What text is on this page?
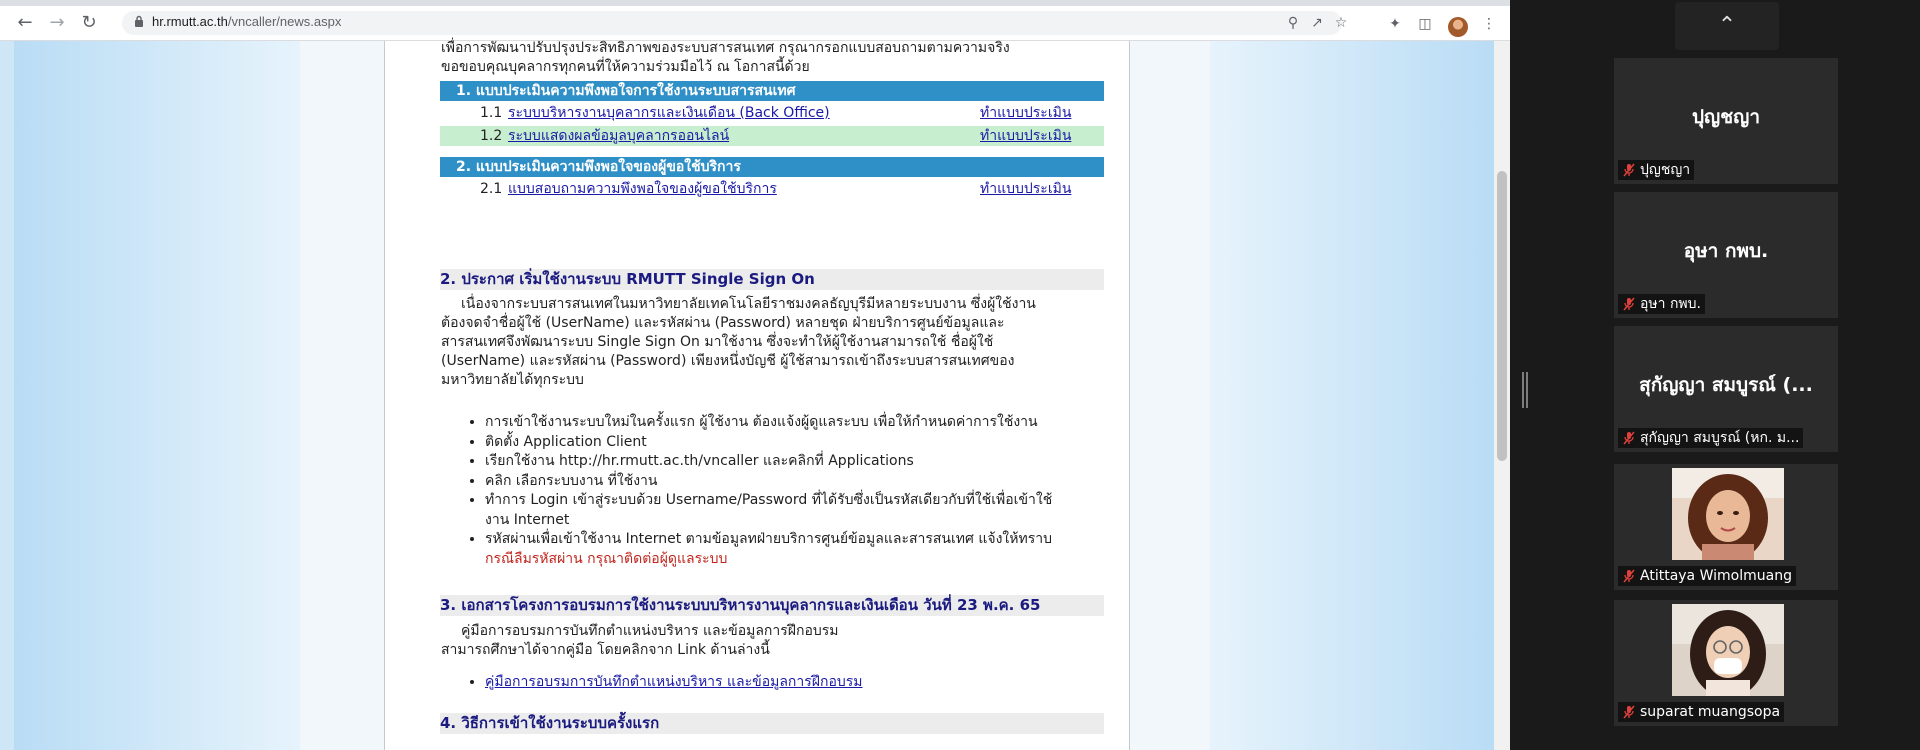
← → ↻	hr.rmutt.ac.th/vncaller/news.aspx	⚲ ↗ ☆	✦ ◫	⋮
เพื่อการพัฒนาปรับปรุงประสิทธิภาพของระบบสารสนเทศ กรุณากรอกแบบสอบถามตามความจริง
ขอขอบคุณบุคลากรทุกคนที่ให้ความร่วมมือไว้ ณ โอกาสนี้ด้วย
1. แบบประเมินความพึงพอใจการใช้งานระบบสารสนเทศ
1.1 ระบบบริหารงานบุคลากรและเงินเดือน (Back Office)	ทำแบบประเมิน
1.2 ระบบแสดงผลข้อมูลบุคลากรออนไลน์	ทำแบบประเมิน
2. แบบประเมินความพึงพอใจของผู้ขอใช้บริการ
2.1 แบบสอบถามความพึงพอใจของผู้ขอใช้บริการ	ทำแบบประเมิน
2. ประกาศ เริ่มใช้งานระบบ RMUTT Single Sign On
เนื่องจากระบบสารสนเทศในมหาวิทยาลัยเทคโนโลยีราชมงคลธัญบุรีมีหลายระบบงาน ซึ่งผู้ใช้งาน
ต้องจดจำชื่อผู้ใช้ (UserName) และรหัสผ่าน (Password) หลายชุด ฝ่ายบริการศูนย์ข้อมูลและ
สารสนเทศจึงพัฒนาระบบ Single Sign On มาใช้งาน ซึ่งจะทำให้ผู้ใช้งานสามารถใช้ ชื่อผู้ใช้
(UserName) และรหัสผ่าน (Password) เพียงหนึ่งบัญชี ผู้ใช้สามารถเข้าถึงระบบสารสนเทศของ
มหาวิทยาลัยได้ทุกระบบ
• การเข้าใช้งานระบบใหม่ในครั้งแรก ผู้ใช้งาน ต้องแจ้งผู้ดูแลระบบ เพื่อให้กำหนดค่าการใช้งาน
• ติดตั้ง Application Client
• เรียกใช้งาน http://hr.rmutt.ac.th/vncaller และคลิกที่ Applications
• คลิก เลือกระบบงาน ที่ใช้งาน
• ทำการ Login เข้าสู่ระบบด้วย Username/Password ที่ได้รับซึ่งเป็นรหัสเดียวกับที่ใช้เพื่อเข้าใช้
งาน Internet
• รหัสผ่านเพื่อเข้าใช้งาน Internet ตามข้อมูลทฝ่ายบริการศูนย์ข้อมูลและสารสนเทศ แจ้งให้ทราบ
กรณีลืมรหัสผ่าน กรุณาติดต่อผู้ดูแลระบบ
3. เอกสารโครงการอบรมการใช้งานระบบบริหารงานบุคลากรและเงินเดือน วันที่ 23 พ.ค. 65
คู่มือการอบรมการบันทึกตำแหน่งบริหาร และข้อมูลการฝึกอบรม
สามารถศึกษาได้จากคู่มือ โดยคลิกจาก Link ด้านล่างนี้
• คู่มือการอบรมการบันทึกตำแหน่งบริหาร และข้อมูลการฝึกอบรม
4. วิธีการเข้าใช้งานระบบครั้งแรก
⌃
ปุญชญา
ปุญชญา
อุษา กพบ.
อุษา กพบ.
สุกัญญา สมบูรณ์ (...
สุกัญญา สมบูรณ์ (หก. ม...
Atittaya Wimolmuang
suparat muangsopa
